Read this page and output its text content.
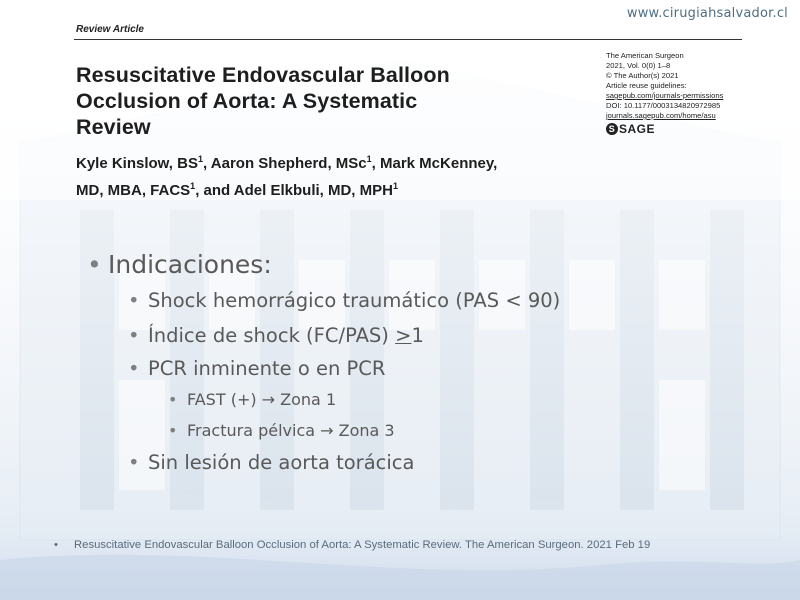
www.cirugiahsalvador.cl
Review Article
Resuscitative Endovascular Balloon
Occlusion of Aorta: A Systematic
Review
Kyle Kinslow, $BS^1$, Aaron Shepherd, MSc$^1$, Mark McKenney,
MD, MBA, FACS$^1$, and Adel Elkbuli, MD, MPH$^1$
The American Surgeon
2021, Vol. 0(0) 1–8
© The Author(s) 2021
Article reuse guidelines:
sagepub.com/journals-permissions
DOI: 10.1177/00031348209729​85
journals.sagepub.com/home/asu
S SAGE
• Indicaciones:
• Shock hemorrágico traumático (PAS < 90)
• Índice de shock (FC/PAS) ≥1
• PCR inminente o en PCR
• FAST (+) → Zona 1
• Fractura pélvica → Zona 3
• Sin lesión de aorta torácica
• Resuscitative Endovascular Balloon Occlusion of Aorta: A Systematic Review. The American Surgeon. 2021 Feb 19
